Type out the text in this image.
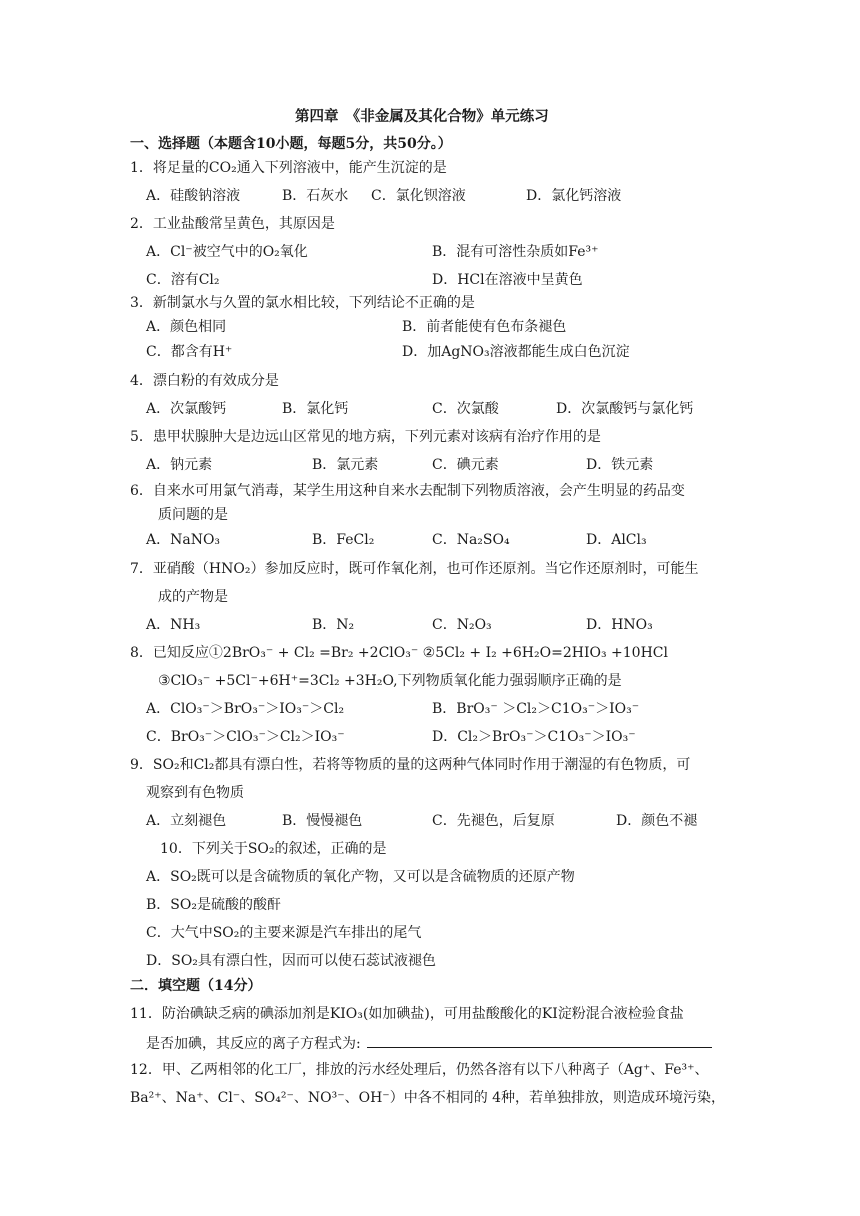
第四章　《非金属及其化合物》单元练习
一、选择题（本题含10小题，每题5分，共50分。）
1．将足量的CO₂通入下列溶液中，能产生沉淀的是
A．硅酸钠溶液	B．石灰水 C．氯化钡溶液	D．氯化钙溶液
2．工业盐酸常呈黄色，其原因是
A．Cl⁻被空气中的O₂氧化	B．混有可溶性杂质如Fe³⁺
C．溶有Cl₂	D．HCl在溶液中呈黄色
3．新制氯水与久置的氯水相比较，下列结论不正确的是
A．颜色相同	B．前者能使有色布条褪色
C．都含有H⁺	D．加AgNO₃溶液都能生成白色沉淀
4．漂白粉的有效成分是
A．次氯酸钙	B．氯化钙	C．次氯酸	D．次氯酸钙与氯化钙
5．患甲状腺肿大是边远山区常见的地方病，下列元素对该病有治疗作用的是
A．钠元素	B．氯元素	C．碘元素	D．铁元素
6．自来水可用氯气消毒，某学生用这种自来水去配制下列物质溶液，会产生明显的药品变
质问题的是
A．NaNO₃	B．FeCl₂	C．Na₂SO₄	D．AlCl₃
7．亚硝酸（HNO₂）参加反应时，既可作氧化剂，也可作还原剂。当它作还原剂时，可能生
成的产物是
A．NH₃	B．N₂	C．N₂O₃	D．HNO₃
8．已知反应①2BrO₃⁻ + Cl₂ =Br₂ +2ClO₃⁻ ②5Cl₂ + I₂ +6H₂O=2HIO₃ +10HCl
③ClO₃⁻ +5Cl⁻+6H⁺=3Cl₂ +3H₂O,下列物质氧化能力强弱顺序正确的是
A．ClO₃⁻＞BrO₃⁻＞IO₃⁻＞Cl₂	B．BrO₃⁻ ＞Cl₂＞C1O₃⁻＞IO₃⁻
C．BrO₃⁻＞ClO₃⁻＞Cl₂＞IO₃⁻	D．Cl₂＞BrO₃⁻＞C1O₃⁻＞IO₃⁻
9．SO₂和Cl₂都具有漂白性，若将等物质的量的这两种气体同时作用于潮湿的有色物质，可
观察到有色物质
A．立刻褪色	B．慢慢褪色	C．先褪色，后复原	D．颜色不褪
10．下列关于SO₂的叙述，正确的是
A．SO₂既可以是含硫物质的氧化产物，又可以是含硫物质的还原产物
B．SO₂是硫酸的酸酐
C．大气中SO₂的主要来源是汽车排出的尾气
D．SO₂具有漂白性，因而可以使石蕊试液褪色
二．填空题（14分）
11．防治碘缺乏病的碘添加剂是KIO₃(如加碘盐)，可用盐酸酸化的KI淀粉混合液检验食盐
是否加碘，其反应的离子方程式为:
12．甲、乙两相邻的化工厂，排放的污水经处理后，仍然各溶有以下八种离子（Ag⁺、Fe³⁺、
Ba²⁺、Na⁺、Cl⁻、SO₄²⁻、NO³⁻、OH⁻）中各不相同的 4种，若单独排放，则造成环境污染，
